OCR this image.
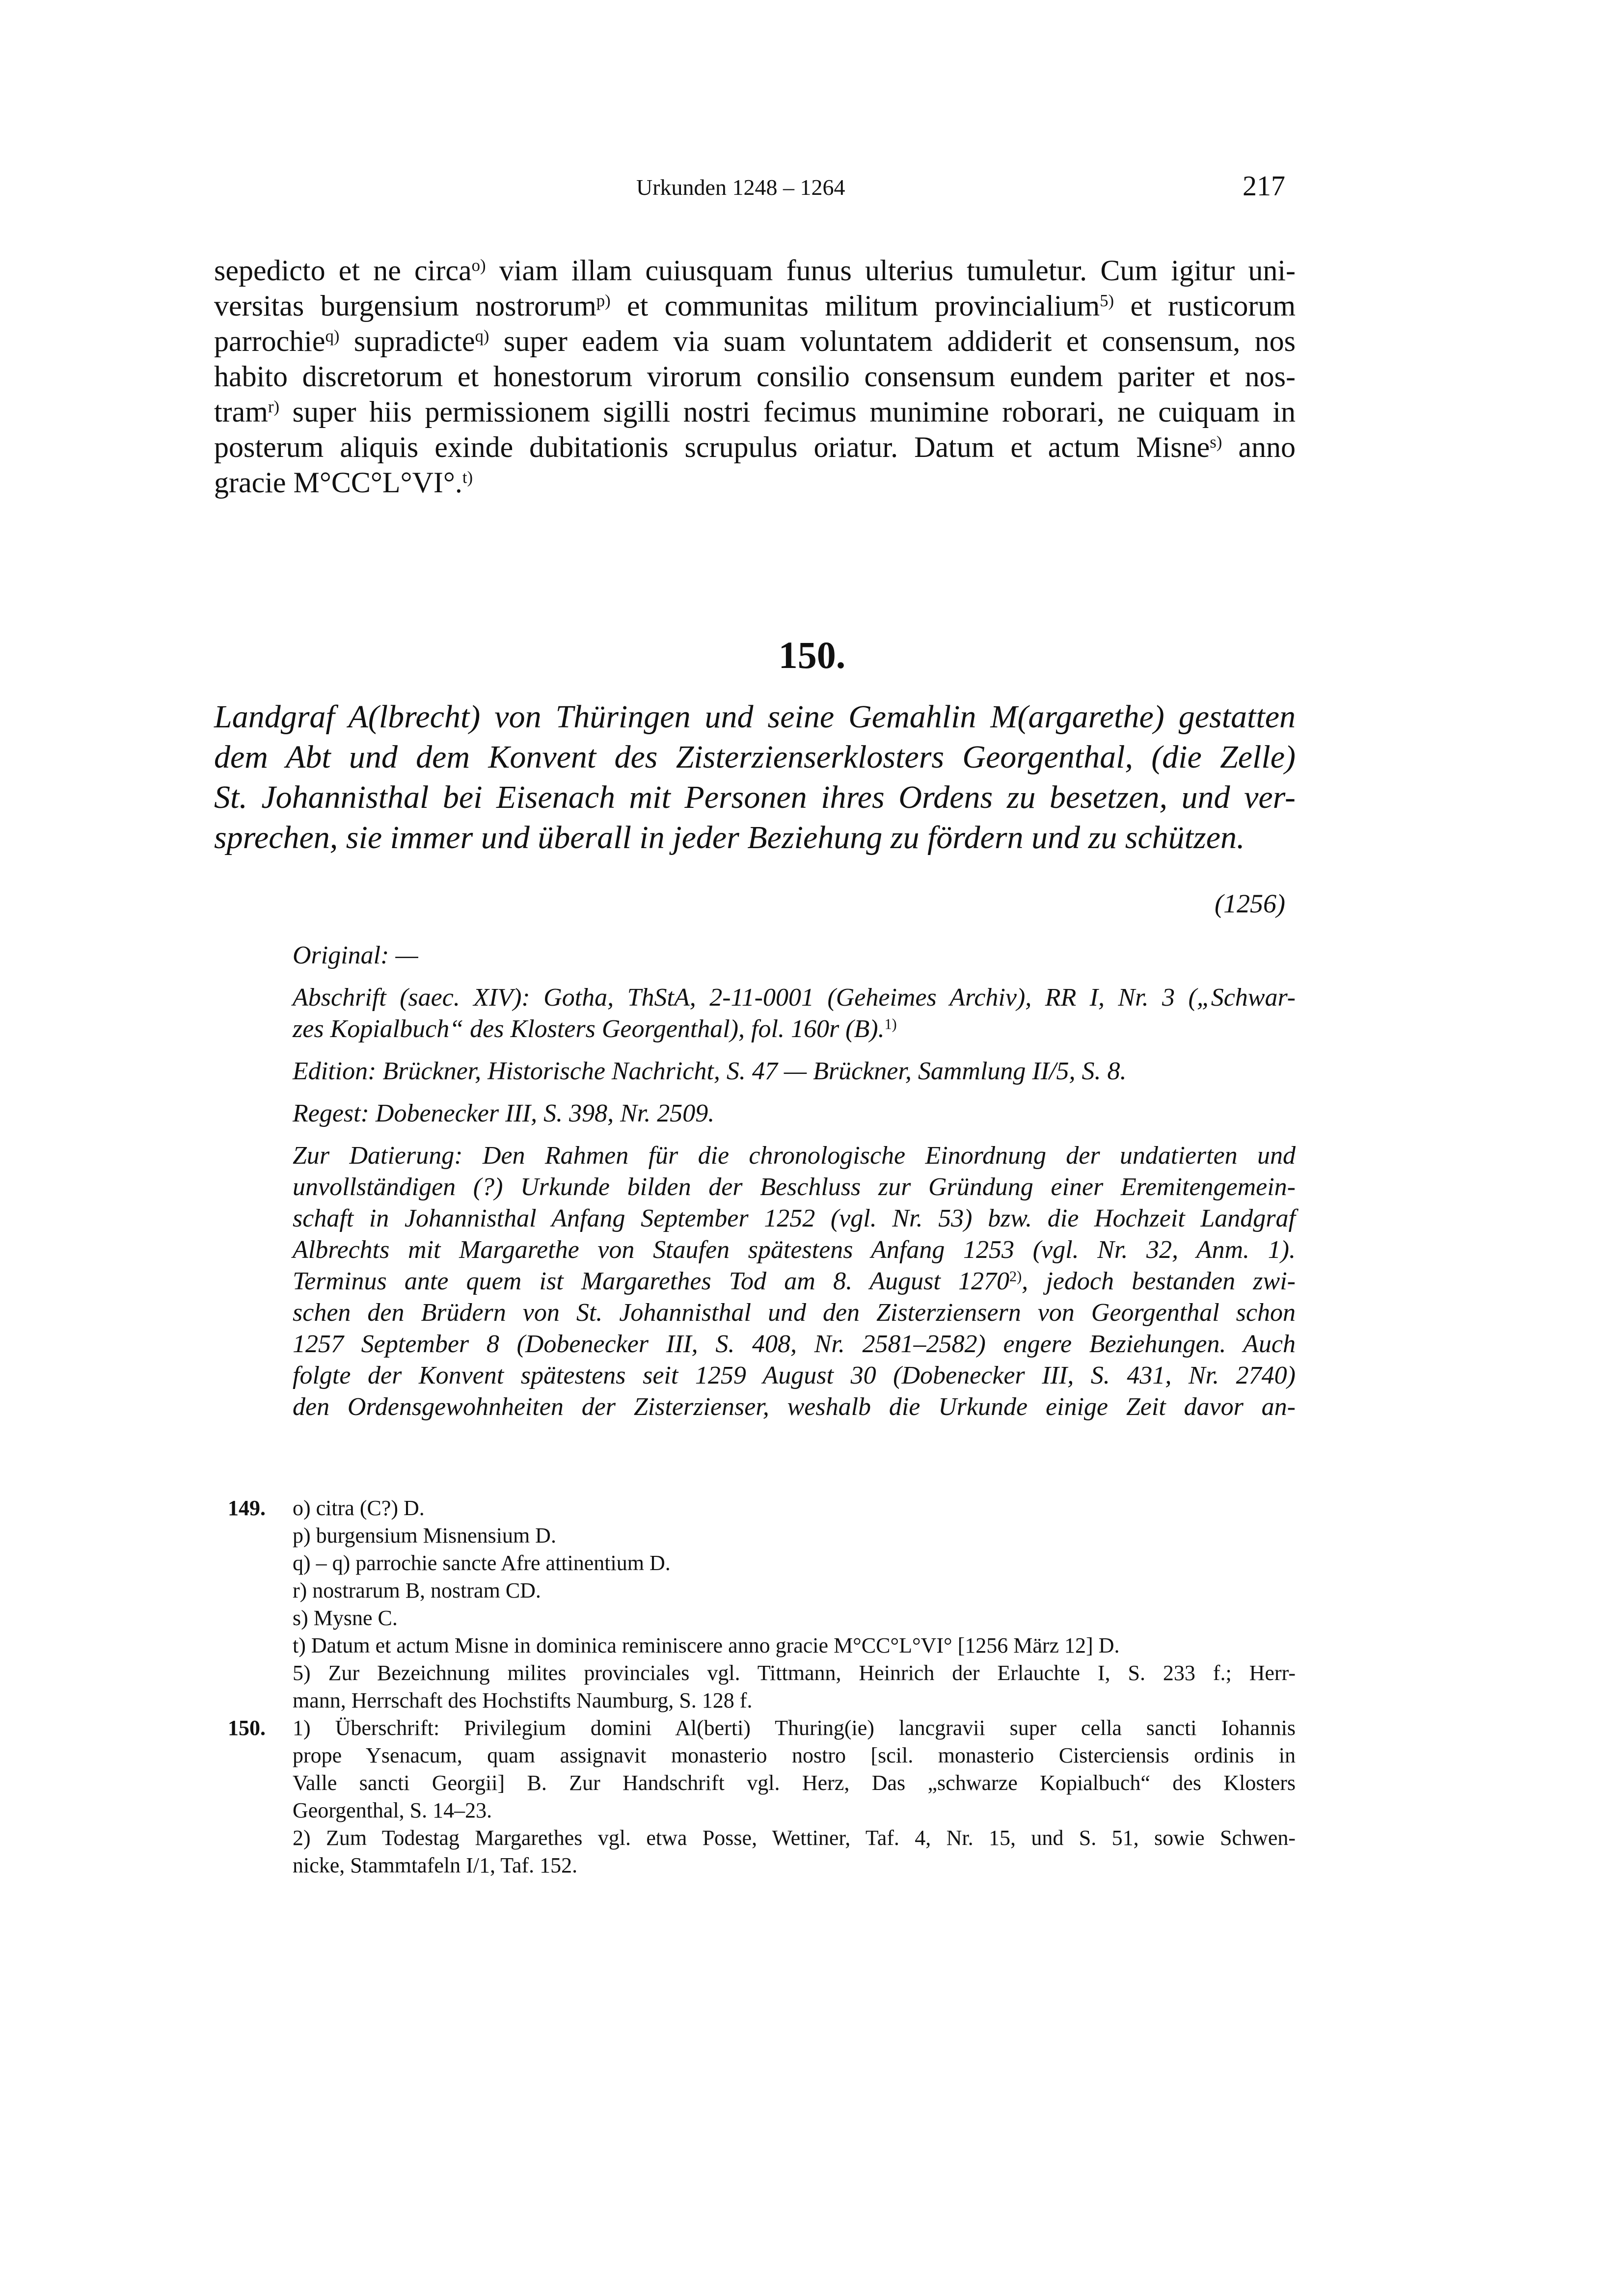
Urkunden 1248 – 1264	217
sepedicto et ne circa$^{o)}$ viam illam cuiusquam funus ulterius tumuletur. Cum igitur uni-
versitas burgensium nostrorum$^{p)}$ et communitas militum provincialium$^{5)}$ et rusticorum
parrochie$^{q)}$ supradicte$^{q)}$ super eadem via suam voluntatem addiderit et consensum, nos
habito discretorum et honestorum virorum consilio consensum eundem pariter et nos-
tram$^{r)}$ super hiis permissionem sigilli nostri fecimus munimine roborari, ne cuiquam in
posterum aliquis exinde dubitationis scrupulus oriatur. Datum et actum Misne$^{s)}$ anno
gracie M°CC°L°VI°.$^{t)}$
150.
Landgraf A(lbrecht) von Thüringen und seine Gemahlin M(argarethe) gestatten
dem Abt und dem Konvent des Zisterzienserklosters Georgenthal, (die Zelle)
St. Johannisthal bei Eisenach mit Personen ihres Ordens zu besetzen, und ver-
sprechen, sie immer und überall in jeder Beziehung zu fördern und zu schützen.
(1256)
Original: —
Abschrift (saec. XIV): Gotha, ThStA, 2-11-0001 (Geheimes Archiv), RR I, Nr. 3 („Schwar-
zes Kopialbuch“ des Klosters Georgenthal), fol. 160r (B).$^{1)}$
Edition: Brückner, Historische Nachricht, S. 47 — Brückner, Sammlung II/5, S. 8.
Regest: Dobenecker III, S. 398, Nr. 2509.
Zur Datierung: Den Rahmen für die chronologische Einordnung der undatierten und
unvollständigen (?) Urkunde bilden der Beschluss zur Gründung einer Eremitengemein-
schaft in Johannisthal Anfang September 1252 (vgl. Nr. 53) bzw. die Hochzeit Landgraf
Albrechts mit Margarethe von Staufen spätestens Anfang 1253 (vgl. Nr. 32, Anm. 1).
Terminus ante quem ist Margarethes Tod am 8. August 1270$^{2)}$, jedoch bestanden zwi-
schen den Brüdern von St. Johannisthal und den Zisterziensern von Georgenthal schon
1257 September 8 (Dobenecker III, S. 408, Nr. 2581–2582) engere Beziehungen. Auch
folgte der Konvent spätestens seit 1259 August 30 (Dobenecker III, S. 431, Nr. 2740)
den Ordensgewohnheiten der Zisterzienser, weshalb die Urkunde einige Zeit davor an-
149. o) citra (C?) D.
p) burgensium Misnensium D.
q) – q) parrochie sancte Afre attinentium D.
r) nostrarum B, nostram CD.
s) Mysne C.
t) Datum et actum Misne in dominica reminiscere anno gracie M°CC°L°VI° [1256 März 12] D.
5) Zur Bezeichnung milites provinciales vgl. Tittmann, Heinrich der Erlauchte I, S. 233 f.; Herr-
mann, Herrschaft des Hochstifts Naumburg, S. 128 f.
150. 1) Überschrift: Privilegium domini Al(berti) Thuring(ie) lancgravii super cella sancti Iohannis
prope Ysenacum, quam assignavit monasterio nostro [scil. monasterio Cisterciensis ordinis in
Valle sancti Georgii] B. Zur Handschrift vgl. Herz, Das „schwarze Kopialbuch“ des Klosters
Georgenthal, S. 14–23.
2) Zum Todestag Margarethes vgl. etwa Posse, Wettiner, Taf. 4, Nr. 15, und S. 51, sowie Schwen-
nicke, Stammtafeln I/1, Taf. 152.
